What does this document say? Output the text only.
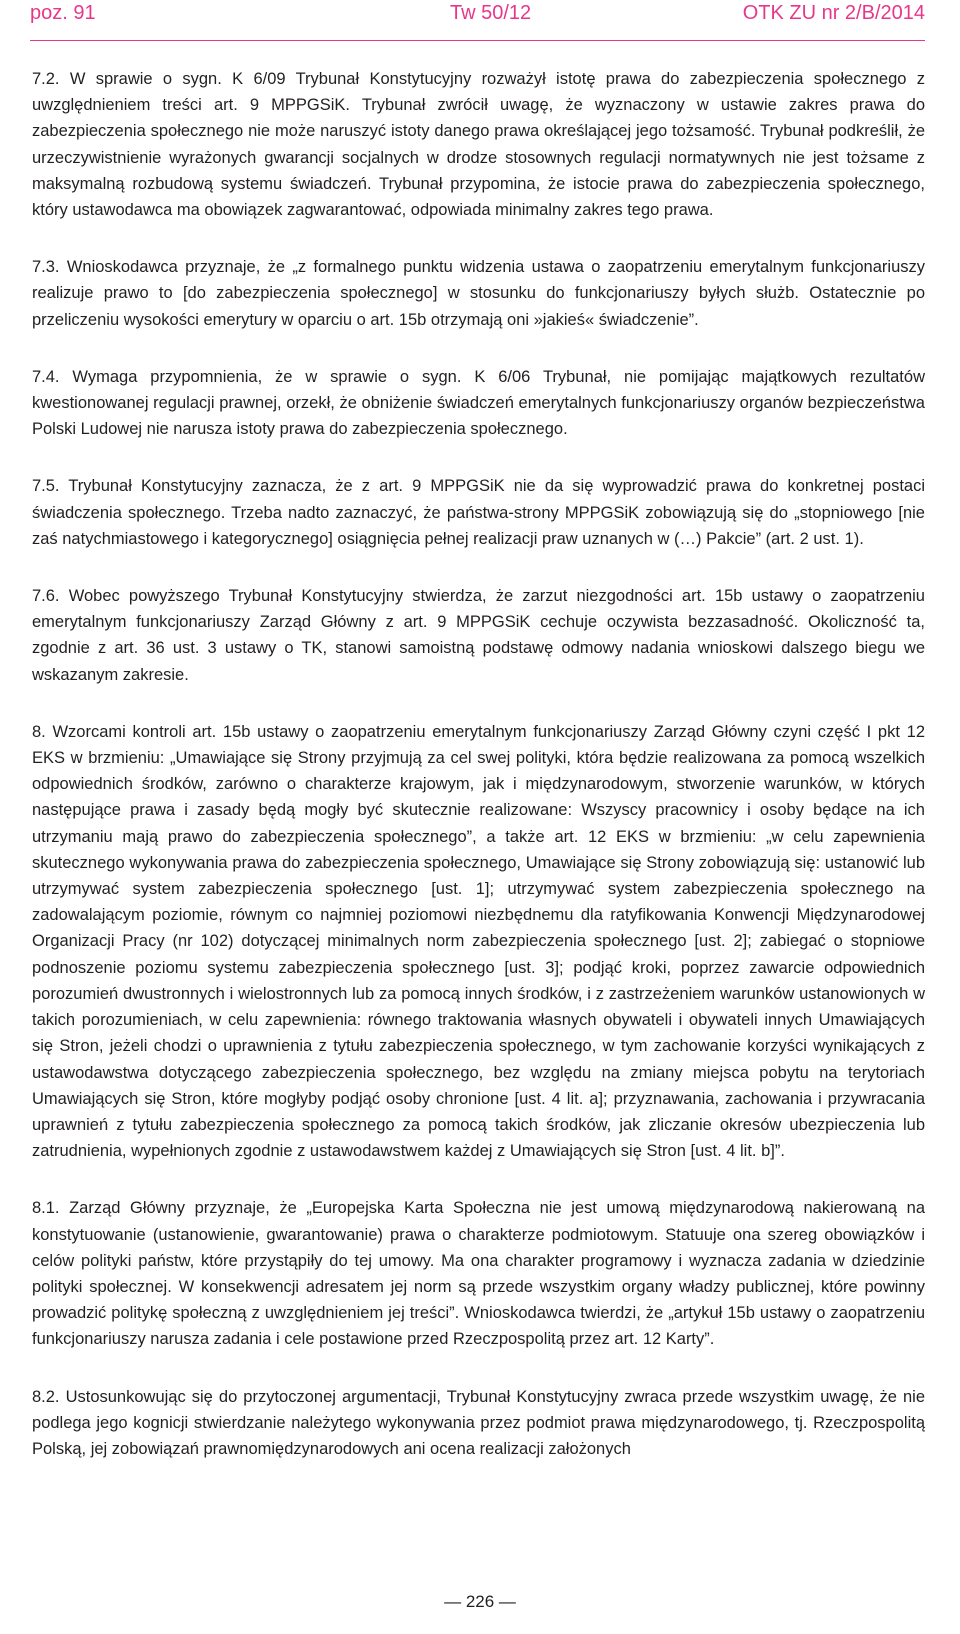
poz. 91	Tw 50/12	OTK ZU nr 2/B/2014

7.2. W sprawie o sygn. K 6/09 Trybunał Konstytucyjny rozważył istotę prawa do zabezpieczenia społecznego z uwzględnieniem treści art. 9 MPPGSiK. Trybunał zwrócił uwagę, że wyznaczony w ustawie zakres prawa do zabezpieczenia społecznego nie może naruszyć istoty danego prawa określającej jego tożsamość. Trybunał podkreślił, że urzeczywistnienie wyrażonych gwarancji socjalnych w drodze stosownych regulacji normatywnych nie jest tożsame z maksymalną rozbudową systemu świadczeń. Trybunał przypomina, że istocie prawa do zabezpieczenia społecznego, który ustawodawca ma obowiązek zagwarantować, odpowiada minimalny zakres tego prawa.

7.3. Wnioskodawca przyznaje, że „z formalnego punktu widzenia ustawa o zaopatrzeniu emerytalnym funkcjonariuszy realizuje prawo to [do zabezpieczenia społecznego] w stosunku do funkcjonariuszy byłych służb. Ostatecznie po przeliczeniu wysokości emerytury w oparciu o art. 15b otrzymają oni »jakieś« świadczenie”.

7.4. Wymaga przypomnienia, że w sprawie o sygn. K 6/06 Trybunał, nie pomijając majątkowych rezultatów kwestionowanej regulacji prawnej, orzekł, że obniżenie świadczeń emerytalnych funkcjonariuszy organów bezpieczeństwa Polski Ludowej nie narusza istoty prawa do zabezpieczenia społecznego.

7.5. Trybunał Konstytucyjny zaznacza, że z art. 9 MPPGSiK nie da się wyprowadzić prawa do konkretnej postaci świadczenia społecznego. Trzeba nadto zaznaczyć, że państwa-strony MPPGSiK zobowiązują się do „stopniowego [nie zaś natychmiastowego i kategorycznego] osiągnięcia pełnej realizacji praw uznanych w (…) Pakcie” (art. 2 ust. 1).

7.6. Wobec powyższego Trybunał Konstytucyjny stwierdza, że zarzut niezgodności art. 15b ustawy o zaopatrzeniu emerytalnym funkcjonariuszy Zarząd Główny z art. 9 MPPGSiK cechuje oczywista bezzasadność. Okoliczność ta, zgodnie z art. 36 ust. 3 ustawy o TK, stanowi samoistną podstawę odmowy nadania wnioskowi dalszego biegu we wskazanym zakresie.

8. Wzorcami kontroli art. 15b ustawy o zaopatrzeniu emerytalnym funkcjonariuszy Zarząd Główny czyni część I pkt 12 EKS w brzmieniu: „Umawiające się Strony przyjmują za cel swej polityki, która będzie realizowana za pomocą wszelkich odpowiednich środków, zarówno o charakterze krajowym, jak i międzynarodowym, stworzenie warunków, w których następujące prawa i zasady będą mogły być skutecznie realizowane: Wszyscy pracownicy i osoby będące na ich utrzymaniu mają prawo do zabezpieczenia społecznego”, a także art. 12 EKS w brzmieniu: „w celu zapewnienia skutecznego wykonywania prawa do zabezpieczenia społecznego, Umawiające się Strony zobowiązują się: ustanowić lub utrzymywać system zabezpieczenia społecznego [ust. 1]; utrzymywać system zabezpieczenia społecznego na zadowalającym poziomie, równym co najmniej poziomowi niezbędnemu dla ratyfikowania Konwencji Międzynarodowej Organizacji Pracy (nr 102) dotyczącej minimalnych norm zabezpieczenia społecznego [ust. 2]; zabiegać o stopniowe podnoszenie poziomu systemu zabezpieczenia społecznego [ust. 3]; podjąć kroki, poprzez zawarcie odpowiednich porozumień dwustronnych i wielostronnych lub za pomocą innych środków, i z zastrzeżeniem warunków ustanowionych w takich porozumieniach, w celu zapewnienia: równego traktowania własnych obywateli i obywateli innych Umawiających się Stron, jeżeli chodzi o uprawnienia z tytułu zabezpieczenia społecznego, w tym zachowanie korzyści wynikających z ustawodawstwa dotyczącego zabezpieczenia społecznego, bez względu na zmiany miejsca pobytu na terytoriach Umawiających się Stron, które mogłyby podjąć osoby chronione [ust. 4 lit. a]; przyznawania, zachowania i przywracania uprawnień z tytułu zabezpieczenia społecznego za pomocą takich środków, jak zliczanie okresów ubezpieczenia lub zatrudnienia, wypełnionych zgodnie z ustawodawstwem każdej z Umawiających się Stron [ust. 4 lit. b]”.

8.1. Zarząd Główny przyznaje, że „Europejska Karta Społeczna nie jest umową międzynarodową nakierowaną na konstytuowanie (ustanowienie, gwarantowanie) prawa o charakterze podmiotowym. Statuuje ona szereg obowiązków i celów polityki państw, które przystąpiły do tej umowy. Ma ona charakter programowy i wyznacza zadania w dziedzinie polityki społecznej. W konsekwencji adresatem jej norm są przede wszystkim organy władzy publicznej, które powinny prowadzić politykę społeczną z uwzględnieniem jej treści”. Wnioskodawca twierdzi, że „artykuł 15b ustawy o zaopatrzeniu funkcjonariuszy narusza zadania i cele postawione przed Rzeczpospolitą przez art. 12 Karty”.

8.2. Ustosunkowując się do przytoczonej argumentacji, Trybunał Konstytucyjny zwraca przede wszystkim uwagę, że nie podlega jego kognicji stwierdzanie należytego wykonywania przez podmiot prawa międzynarodowego, tj. Rzeczpospolitą Polską, jej zobowiązań prawnomiędzynarodowych ani ocena realizacji założonych

— 226 —
